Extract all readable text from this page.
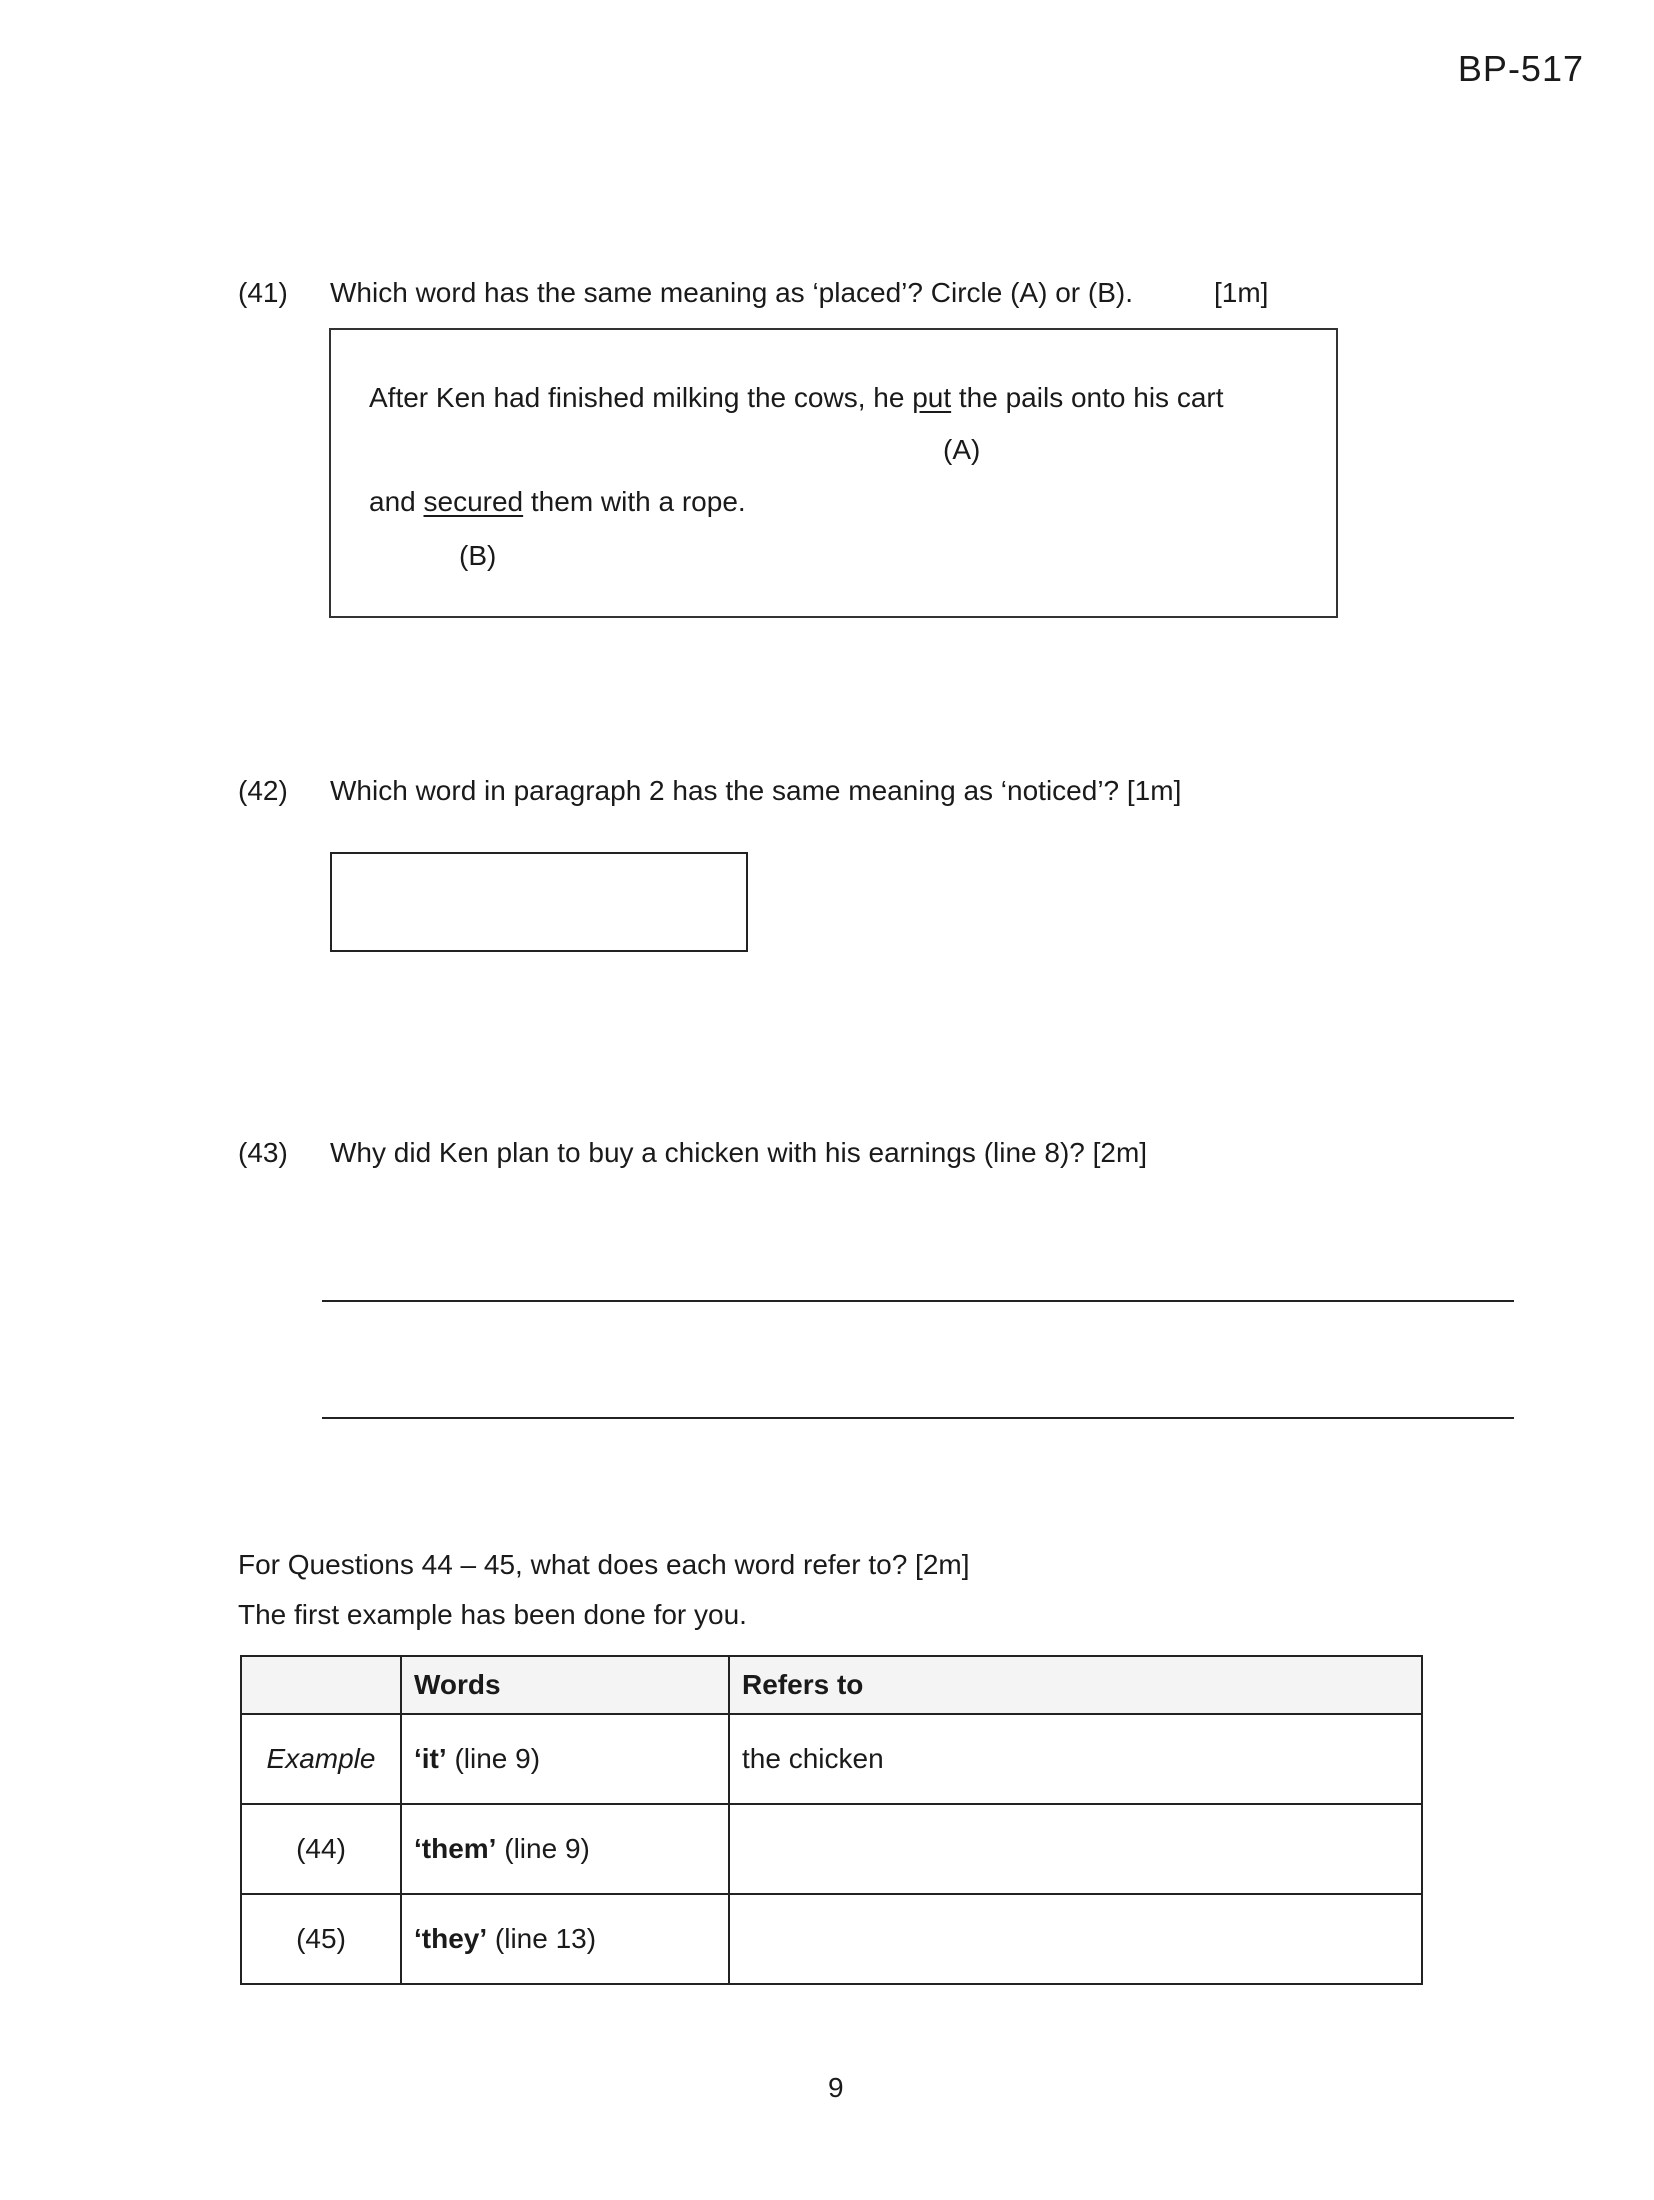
BP-517
(41) Which word has the same meaning as ‘placed’? Circle (A) or (B).	[1m]
After Ken had finished milking the cows, he put the pails onto his cart
(A)
and secured them with a rope.
(B)
(42) Which word in paragraph 2 has the same meaning as ‘noticed’? [1m]
(43) Why did Ken plan to buy a chicken with his earnings (line 8)? [2m]
For Questions 44 – 45, what does each word refer to? [2m]
The first example has been done for you.
	Words	Refers to
Example	‘it’ (line 9)	the chicken
(44)	‘them’ (line 9)	
(45)	‘they’ (line 13)	
9
